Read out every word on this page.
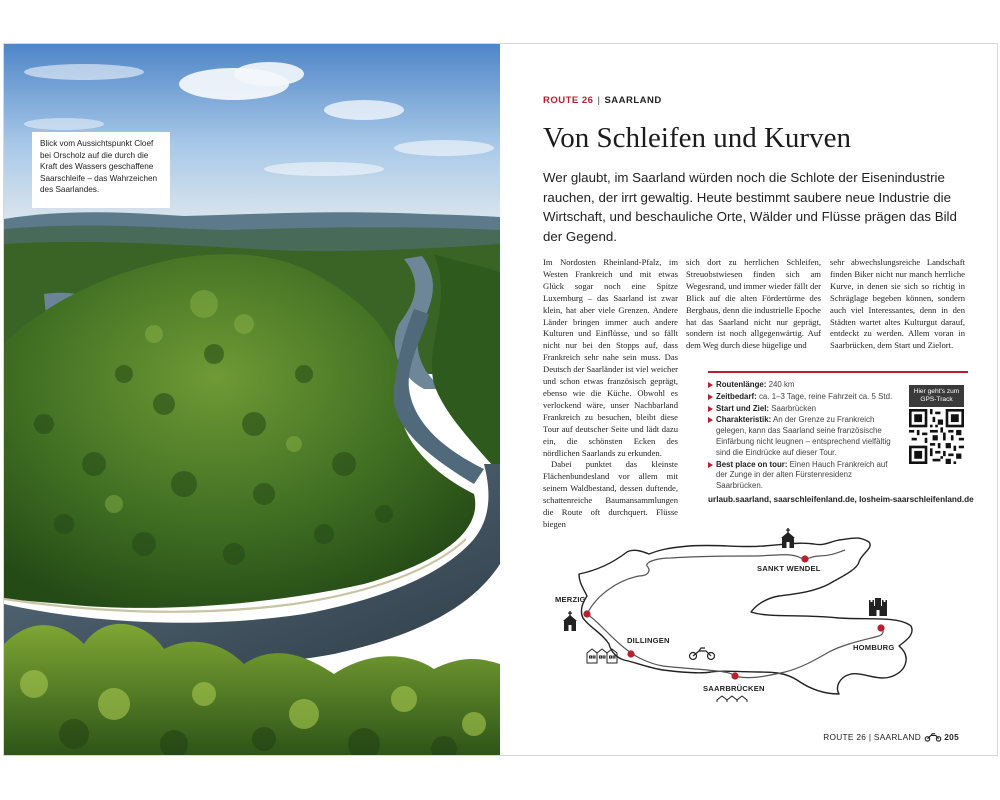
Blick vom Aussichtspunkt Cloef bei Orscholz auf die durch die Kraft des Wassers geschaffene Saarschleife – das Wahrzeichen des Saarlandes.
ROUTE 26 | SAARLAND
Von Schleifen und Kurven
Wer glaubt, im Saarland würden noch die Schlote der Eisenindustrie rauchen, der irrt gewaltig. Heute bestimmt saubere neue Industrie die Wirtschaft, und beschauliche Orte, Wälder und Flüsse prägen das Bild der Gegend.

Im Nordosten Rheinland-Pfalz, im Westen Frankreich und mit etwas Glück sogar noch eine Spitze Luxemburg – das Saarland ist zwar klein, hat aber viele Grenzen. Andere Länder bringen immer auch andere Kulturen und Einflüsse, und so fällt nicht nur bei den Stopps auf, dass Frankreich sehr nahe sein muss. Das Deutsch der Saarländer ist viel weicher und schon etwas französisch geprägt, ebenso wie die Küche. Obwohl es verlockend wäre, unser Nachbarland Frankreich zu besuchen, bleibt diese Tour auf deutscher Seite und lädt dazu ein, die schönsten Ecken des nördlichen Saarlands zu erkunden.

Dabei punktet das kleinste Flächenbundesland vor allem mit seinem Waldbestand, dessen duftende, schattenreiche Baumansammlungen die Route oft durchquert. Flüsse biegen

sich dort zu herrlichen Schleifen, Streuobstwiesen finden sich am Wegesrand, und immer wieder fällt der Blick auf die alten Fördertürme des Bergbaus, denn die industrielle Epoche hat das Saarland nicht nur geprägt, sondern ist noch allgegenwärtig. Auf dem Weg durch diese hügelige und

sehr abwechslungsreiche Landschaft finden Biker nicht nur manch herrliche Kurve, in denen sie sich so richtig in Schräglage begeben können, sondern auch viel Interessantes, denn in den Städten wartet altes Kulturgut darauf, entdeckt zu werden. Allem voran in Saarbrücken, dem Start und Zielort.

Routenlänge: 240 km
Zeitbedarf: ca. 1–3 Tage, reine Fahrzeit ca. 5 Std.
Start und Ziel: Saarbrücken
Charakteristik: An der Grenze zu Frankreich gelegen, kann das Saarland seine französische Einfärbung nicht leugnen – entsprechend vielfältig sind die Eindrücke auf dieser Tour.
Best place on tour: Einen Hauch Frankreich auf der Zunge in der alten Fürstenresidenz Saarbrücken.
Hier geht's zum GPS-Track
urlaub.saarland, saarschleifenland.de, losheim-saarschleifenland.de
MERZIG
SANKT WENDEL
DILLINGEN
HOMBURG
SAARBRÜCKEN
ROUTE 26 | SAARLAND	205
